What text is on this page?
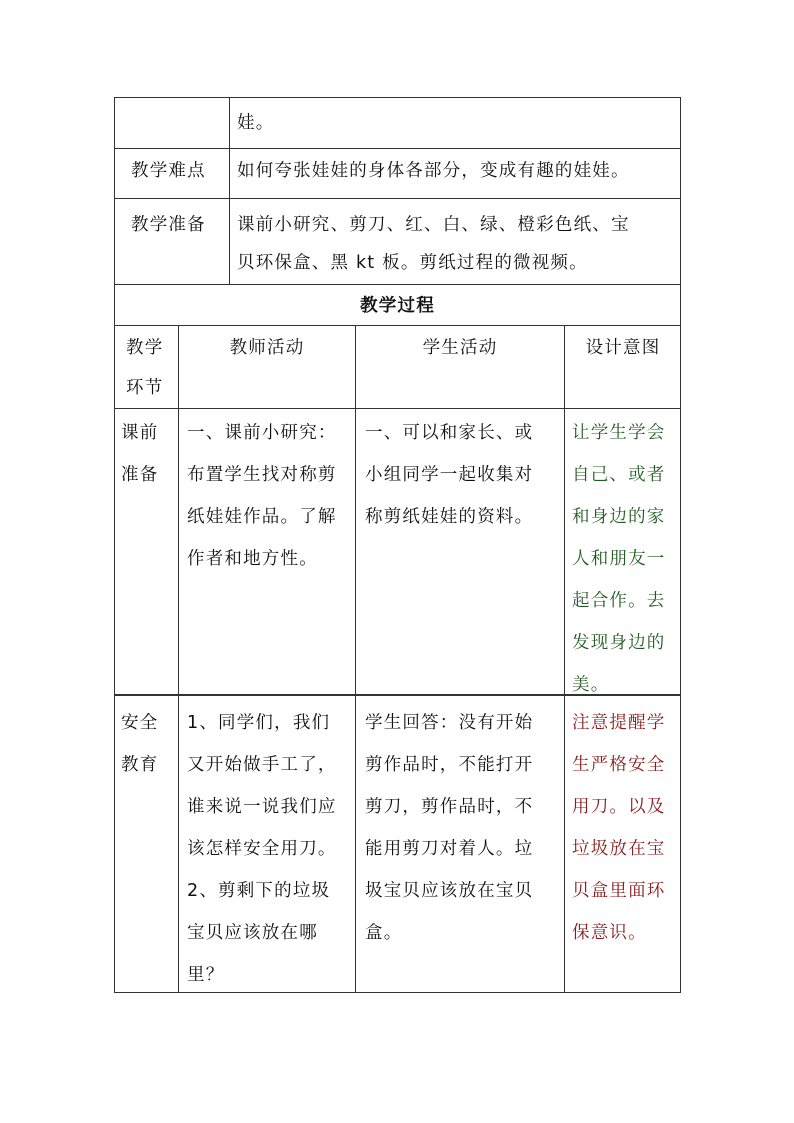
娃。
教学难点 如何夸张娃娃的身体各部分，变成有趣的娃娃。
教学准备 课前小研究、剪刀、红、白、绿、橙彩色纸、宝
贝环保盒、黑 kt 板。剪纸过程的微视频。
教学过程
教学
环节
教师活动	学生活动	设计意图
课前
准备
一、课前小研究：
布置学生找对称剪
纸娃娃作品。了解
作者和地方性。
一、可以和家长、或
小组同学一起收集对
称剪纸娃娃的资料。
让学生学会
自己、或者
和身边的家
人和朋友一
起合作。去
发现身边的
美。
安全
教育
1、同学们，我们
又开始做手工了，
谁来说一说我们应
该怎样安全用刀。
2、剪剩下的垃圾
宝贝应该放在哪
里？
学生回答：没有开始
剪作品时，不能打开
剪刀，剪作品时，不
能用剪刀对着人。垃
圾宝贝应该放在宝贝
盒。
注意提醒学
生严格安全
用刀。以及
垃圾放在宝
贝盒里面环
保意识。
